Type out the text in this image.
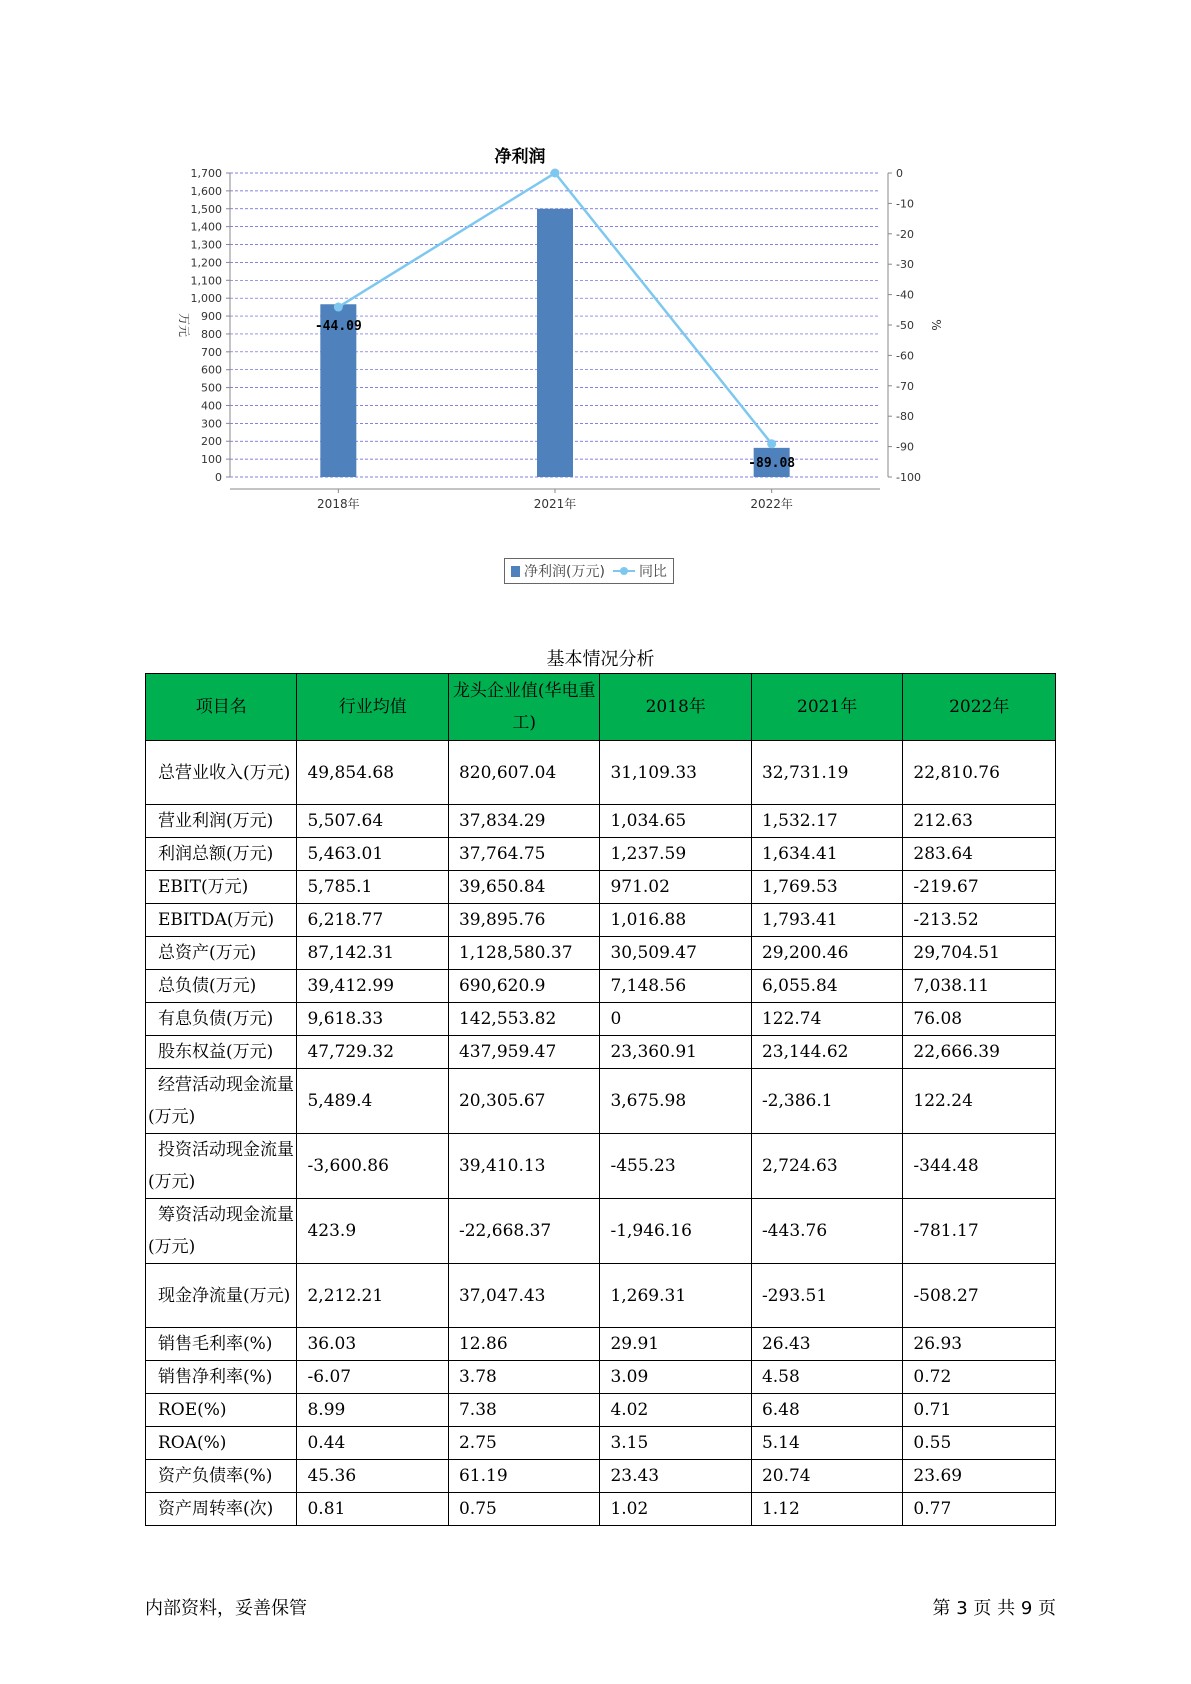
净利润
0
100
200
300
400
500
600
700
800
900
1,000
1,100
1,200
1,300
1,400
1,500
1,600
1,700	0
-10
-20
-30
-40
-50
-60
-70
-80
-90
-100
万元	%
2018年	2021年	2022年
-44.09
-89.08
净利润(万元) 同比
基本情况分析
项目名	行业均值	龙头企业值(华电重工)	2018年	2021年	2022年
总营业收入(万元)	49,854.68	820,607.04	31,109.33	32,731.19	22,810.76
营业利润(万元)	5,507.64	37,834.29	1,034.65	1,532.17	212.63
利润总额(万元)	5,463.01	37,764.75	1,237.59	1,634.41	283.64
EBIT(万元)	5,785.1	39,650.84	971.02	1,769.53	-219.67
EBITDA(万元)	6,218.77	39,895.76	1,016.88	1,793.41	-213.52
总资产(万元)	87,142.31	1,128,580.37	30,509.47	29,200.46	29,704.51
总负债(万元)	39,412.99	690,620.9	7,148.56	6,055.84	7,038.11
有息负债(万元)	9,618.33	142,553.82	0	122.74	76.08
股东权益(万元)	47,729.32	437,959.47	23,360.91	23,144.62	22,666.39
经营活动现金流量(万元)	5,489.4	20,305.67	3,675.98	-2,386.1	122.24
投资活动现金流量(万元)	-3,600.86	39,410.13	-455.23	2,724.63	-344.48
筹资活动现金流量(万元)	423.9	-22,668.37	-1,946.16	-443.76	-781.17
现金净流量(万元)	2,212.21	37,047.43	1,269.31	-293.51	-508.27
销售毛利率(%)	36.03	12.86	29.91	26.43	26.93
销售净利率(%)	-6.07	3.78	3.09	4.58	0.72
ROE(%)	8.99	7.38	4.02	6.48	0.71
ROA(%)	0.44	2.75	3.15	5.14	0.55
资产负债率(%)	45.36	61.19	23.43	20.74	23.69
资产周转率(次)	0.81	0.75	1.02	1.12	0.77
内部资料，妥善保管	第 3 页 共 9 页
